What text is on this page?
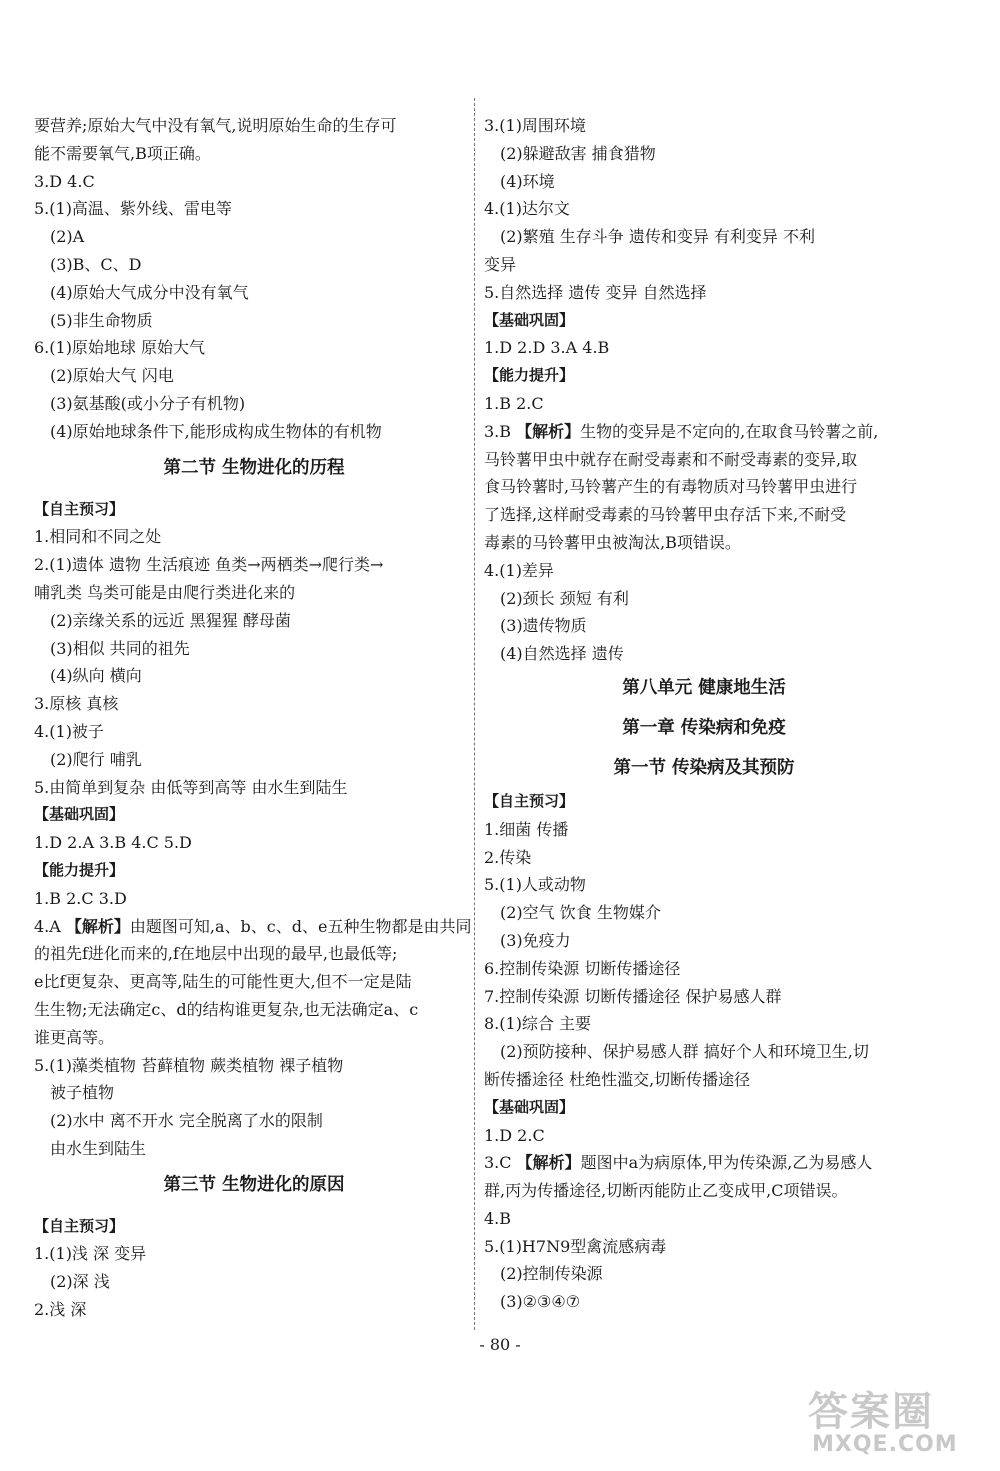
要营养;原始大气中没有氧气,说明原始生命的生存可
能不需要氧气,B项正确。
3.D 4.C
5.(1)高温、紫外线、雷电等
(2)A
(3)B、C、D
(4)原始大气成分中没有氧气
(5)非生命物质
6.(1)原始地球 原始大气
(2)原始大气 闪电
(3)氨基酸(或小分子有机物)
(4)原始地球条件下,能形成构成生物体的有机物
第二节 生物进化的历程
【自主预习】
1.相同和不同之处
2.(1)遗体 遗物 生活痕迹 鱼类→两栖类→爬行类→
哺乳类 鸟类可能是由爬行类进化来的
(2)亲缘关系的远近 黑猩猩 酵母菌
(3)相似 共同的祖先
(4)纵向 横向
3.原核 真核
4.(1)被子
(2)爬行 哺乳
5.由简单到复杂 由低等到高等 由水生到陆生
【基础巩固】
1.D 2.A 3.B 4.C 5.D
【能力提升】
1.B 2.C 3.D
4.A 【解析】由题图可知,a、b、c、d、e五种生物都是由共同
的祖先f进化而来的,f在地层中出现的最早,也最低等;
e比f更复杂、更高等,陆生的可能性更大,但不一定是陆
生生物;无法确定c、d的结构谁更复杂,也无法确定a、c
谁更高等。
5.(1)藻类植物 苔藓植物 蕨类植物 裸子植物
被子植物
(2)水中 离不开水 完全脱离了水的限制
由水生到陆生
第三节 生物进化的原因
【自主预习】
1.(1)浅 深 变异
(2)深 浅
2.浅 深
3.(1)周围环境
(2)躲避敌害 捕食猎物
(4)环境
4.(1)达尔文
(2)繁殖 生存斗争 遗传和变异 有利变异 不利
变异
5.自然选择 遗传 变异 自然选择
【基础巩固】
1.D 2.D 3.A 4.B
【能力提升】
1.B 2.C
3.B 【解析】生物的变异是不定向的,在取食马铃薯之前,
马铃薯甲虫中就存在耐受毒素和不耐受毒素的变异,取
食马铃薯时,马铃薯产生的有毒物质对马铃薯甲虫进行
了选择,这样耐受毒素的马铃薯甲虫存活下来,不耐受
毒素的马铃薯甲虫被淘汰,B项错误。
4.(1)差异
(2)颈长 颈短 有利
(3)遗传物质
(4)自然选择 遗传
第八单元 健康地生活
第一章 传染病和免疫
第一节 传染病及其预防
【自主预习】
1.细菌 传播
2.传染
5.(1)人或动物
(2)空气 饮食 生物媒介
(3)免疫力
6.控制传染源 切断传播途径
7.控制传染源 切断传播途径 保护易感人群
8.(1)综合 主要
(2)预防接种、保护易感人群 搞好个人和环境卫生,切
断传播途径 杜绝性滥交,切断传播途径
【基础巩固】
1.D 2.C
3.C 【解析】题图中a为病原体,甲为传染源,乙为易感人
群,丙为传播途径,切断丙能防止乙变成甲,C项错误。
4.B
5.(1)H7N9型禽流感病毒
(2)控制传染源
(3)②③④⑦
- 80 -
答案圈
MXQE.COM
